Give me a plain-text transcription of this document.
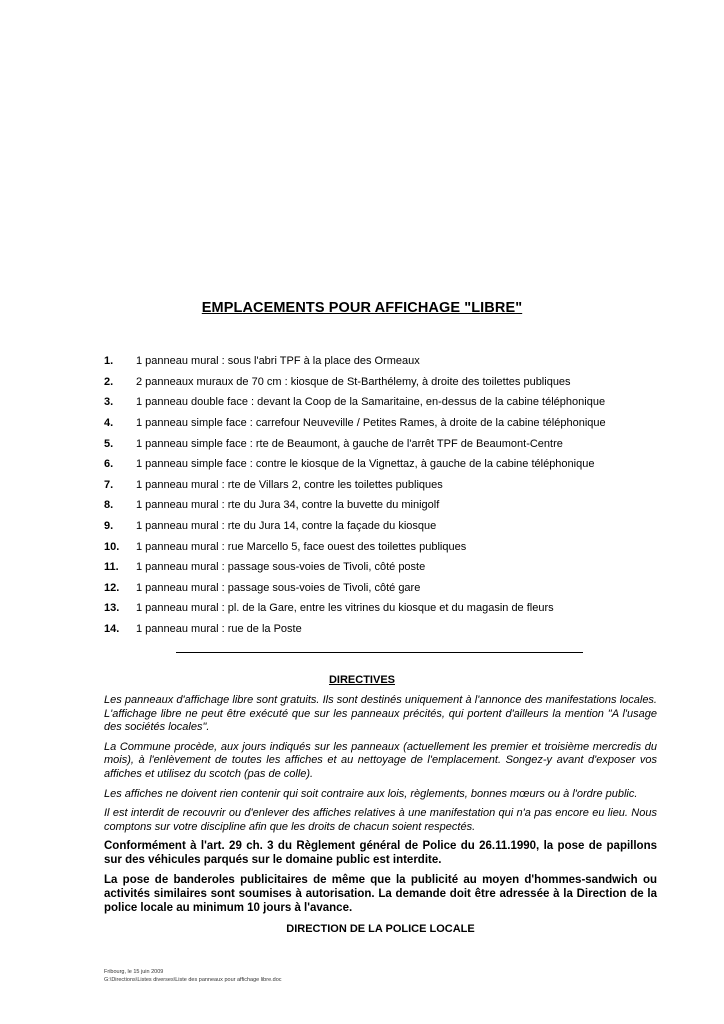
EMPLACEMENTS POUR AFFICHAGE "LIBRE"
1.	1 panneau mural : sous l'abri TPF à la place des Ormeaux
2.	2 panneaux muraux de 70 cm : kiosque de St-Barthélemy, à droite des toilettes publiques
3.	1 panneau double face : devant la Coop de la Samaritaine, en-dessus de la cabine téléphonique
4.	1 panneau simple face : carrefour Neuveville / Petites Rames, à droite de la cabine téléphonique
5.	1 panneau simple face : rte de Beaumont, à gauche de l'arrêt TPF de Beaumont-Centre
6.	1 panneau simple face : contre le kiosque de la Vignettaz, à gauche de la cabine téléphonique
7.	1 panneau mural : rte de Villars 2, contre les toilettes publiques
8.	1 panneau mural : rte du Jura 34, contre la buvette du minigolf
9.	1 panneau mural : rte du Jura 14, contre la façade du kiosque
10.	1 panneau mural : rue Marcello 5, face ouest des toilettes publiques
11.	1 panneau mural : passage sous-voies de Tivoli, côté poste
12.	1 panneau mural : passage sous-voies de Tivoli, côté gare
13.	1 panneau mural : pl. de la Gare, entre les vitrines du kiosque et du magasin de fleurs
14.	1 panneau mural : rue de la Poste
DIRECTIVES

Les panneaux d'affichage libre sont gratuits. Ils sont destinés uniquement à l'annonce des manifestations locales. L'affichage libre ne peut être exécuté que sur les panneaux précités, qui portent d'ailleurs la mention "A l'usage des sociétés locales".

La Commune procède, aux jours indiqués sur les panneaux (actuellement les premier et troisième mercredis du mois), à l'enlèvement de toutes les affiches et au nettoyage de l'emplacement. Songez-y avant d'exposer vos affiches et utilisez du scotch (pas de colle).

Les affiches ne doivent rien contenir qui soit contraire aux lois, règlements, bonnes mœurs ou à l'ordre public.

Il est interdit de recouvrir ou d'enlever des affiches relatives à une manifestation qui n'a pas encore eu lieu. Nous comptons sur votre discipline afin que les droits de chacun soient respectés.

Conformément à l'art. 29 ch. 3 du Règlement général de Police du 26.11.1990, la pose de papillons sur des véhicules parqués sur le domaine public est interdite.

La pose de banderoles publicitaires de même que la publicité au moyen d'hommes-sandwich ou activités similaires sont soumises à autorisation. La demande doit être adressée à la Direction de la police locale au minimum 10 jours à l'avance.

DIRECTION DE LA POLICE LOCALE

Fribourg, le 15 juin 2009
G:\Directions\Listes diverses\Liste des panneaux pour affichage libre.doc
